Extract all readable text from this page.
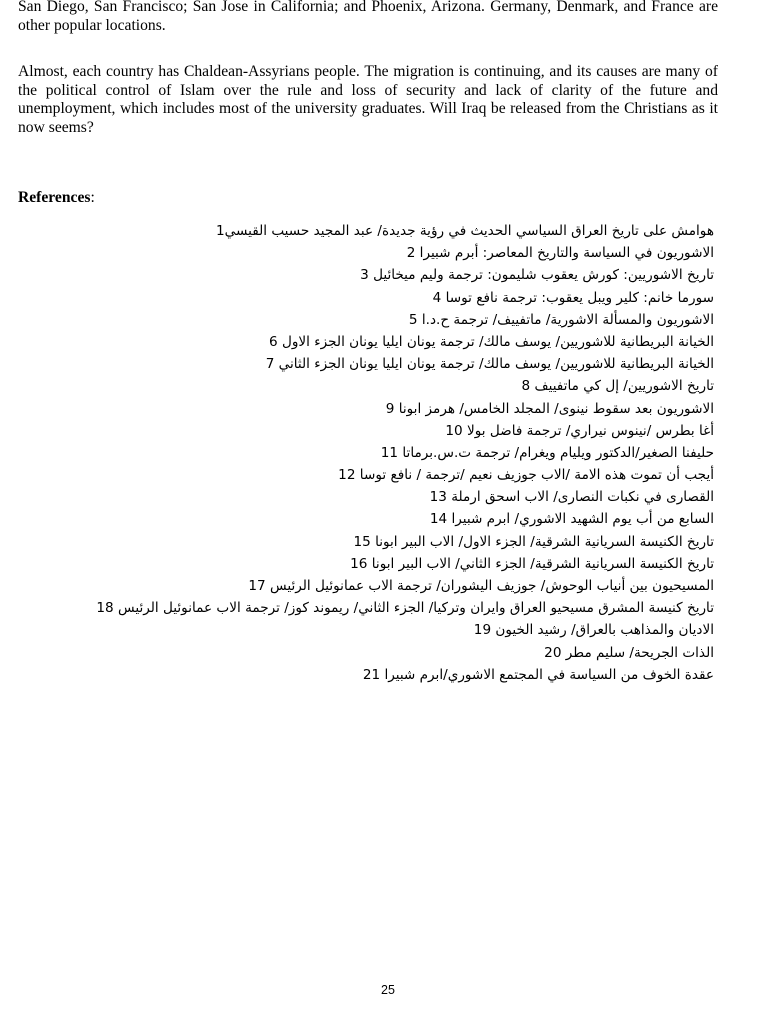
San Diego, San Francisco; San Jose in California; and Phoenix, Arizona. Germany, Denmark, and France are other popular locations.

Almost, each country has Chaldean-Assyrians people. The migration is continuing, and its causes are many of the political control of Islam over the rule and loss of security and lack of clarity of the future and unemployment, which includes most of the university graduates. Will Iraq be released from the Christians as it now seems?

References:

هوامش على تاريخ العراق السياسي الحديث في رؤية جديدة/ عبد المجيد حسيب القيسي1
الاشوريون في السياسة والتاريخ المعاصر: أبرم شبيرا 2
تاريخ الاشوريين: كورش يعقوب شليمون: ترجمة وليم ميخائيل 3
سورما خانم: كلير ويبل يعقوب: ترجمة نافع توسا 4
الاشوريون والمسألة الاشورية/ ماتفييف/ ترجمة ح.د.ا 5
الخيانة البريطانية للاشوريين/ يوسف مالك/ ترجمة يونان ايليا يونان الجزء الاول 6
الخيانة البريطانية للاشوريين/ يوسف مالك/ ترجمة يونان ايليا يونان الجزء الثاني 7
تاريخ الاشوريين/ إل كي ماتفييف 8
الاشوريون بعد سقوط نينوى/ المجلد الخامس/ هرمز ابونا 9
أغا بطرس /نينوس نيراري/ ترجمة فاضل بولا 10
حليفنا الصغير/الدكتور ويليام ويغرام/ ترجمة ت.س.برماتا 11
أيجب أن تموت هذه الامة /الاب جوزيف نعيم /ترجمة / نافع توسا 12
القصارى في نكبات النصارى/ الاب اسحق ارملة 13
السابع من أب يوم الشهيد الاشوري/ ابرم شبيرا 14
تاريخ الكنيسة السريانية الشرقية/ الجزء الاول/ الاب البير ابونا 15
تاريخ الكنيسة السريانية الشرقية/ الجزء الثاني/ الاب البير ابونا 16
المسيحيون بين أنياب الوحوش/ جوزيف اليشوران/ ترجمة الاب عمانوئيل الرئيس 17
تاريخ كنيسة المشرق مسيحيو العراق وايران وتركيا/ الجزء الثاني/ ريموند كوز/ ترجمة الاب عمانوئيل الرئيس 18
الاديان والمذاهب بالعراق/ رشيد الخيون 19
الذات الجريحة/ سليم مطر 20
عقدة الخوف من السياسة في المجتمع الاشوري/ابرم شبيرا 21
25
